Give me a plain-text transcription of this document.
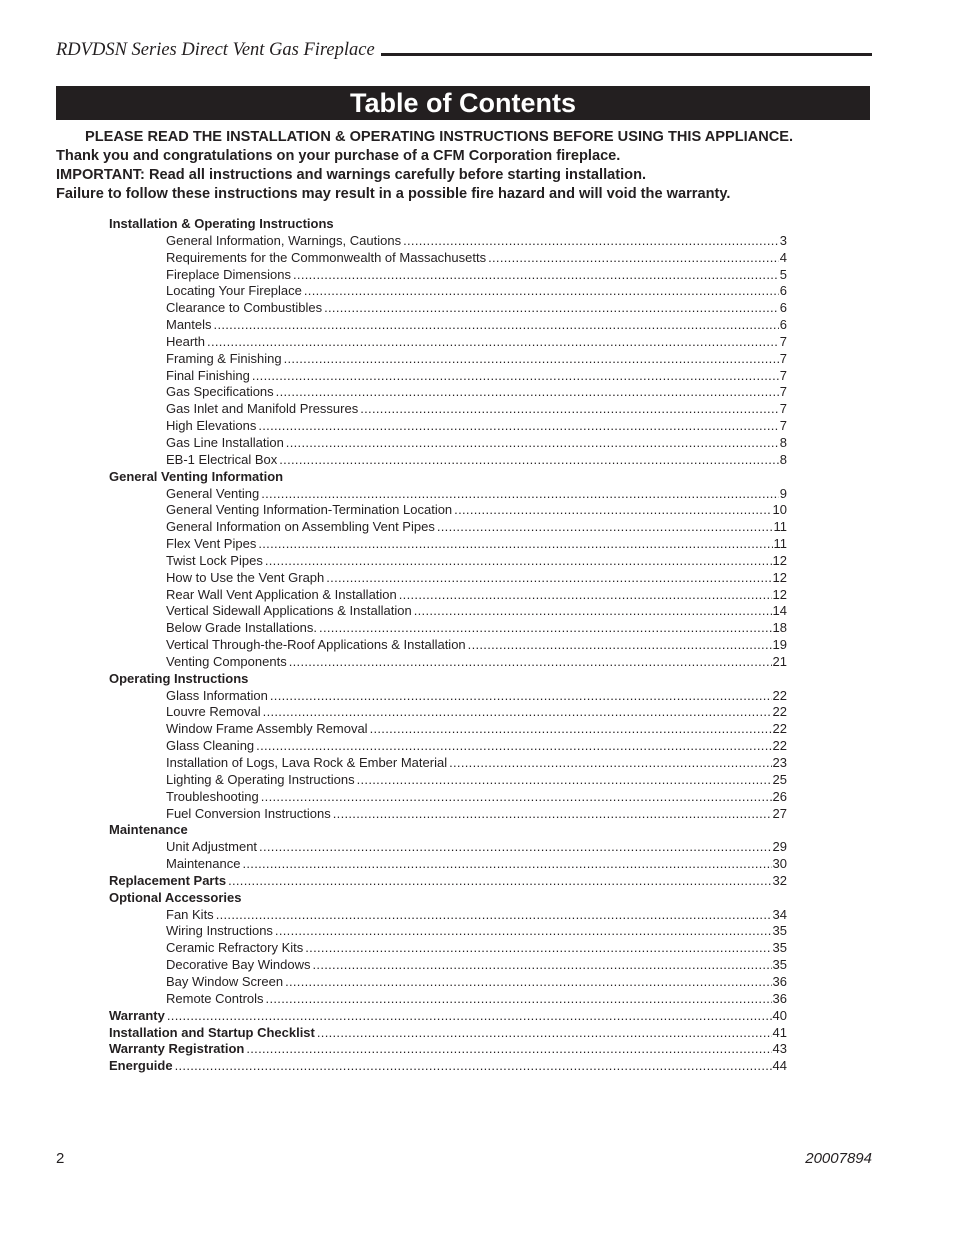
RDVDSN Series Direct Vent Gas Fireplace
Table of Contents
PLEASE READ THE INSTALLATION & OPERATING INSTRUCTIONS BEFORE USING THIS APPLIANCE.
Thank you and congratulations on your purchase of a CFM Corporation fireplace.
IMPORTANT: Read all instructions and warnings carefully before starting installation.
Failure to follow these instructions may result in a possible fire hazard and will void the warranty.
Installation & Operating Instructions
General Information, Warnings, Cautions .....	3
Requirements for the Commonwealth of Massachusetts .....	4
Fireplace Dimensions .....	5
Locating Your Fireplace .....	6
Clearance to Combustibles .....	6
Mantels .....	6
Hearth .....	7
Framing & Finishing .....	7
Final Finishing .....	7
Gas Specifications .....	7
Gas Inlet and Manifold Pressures .....	7
High Elevations .....	7
Gas Line Installation .....	8
EB-1 Electrical Box .....	8
General Venting Information
General Venting .....	9
General Venting Information-Termination Location .....	10
General Information on Assembling Vent Pipes .....	11
Flex Vent Pipes .....	11
Twist Lock Pipes .....	12
How to Use the Vent Graph .....	12
Rear Wall Vent Application & Installation .....	12
Vertical Sidewall Applications & Installation .....	14
Below Grade Installations. .....	18
Vertical Through-the-Roof Applications & Installation .....	19
Venting Components .....	21
Operating Instructions
Glass Information .....	22
Louvre Removal .....	22
Window Frame Assembly Removal .....	22
Glass Cleaning .....	22
Installation of Logs, Lava Rock & Ember Material .....	23
Lighting & Operating Instructions .....	25
Troubleshooting .....	26
Fuel Conversion Instructions .....	27
Maintenance
Unit Adjustment .....	29
Maintenance .....	30
Replacement Parts .....	32
Optional Accessories
Fan Kits .....	34
Wiring Instructions .....	35
Ceramic Refractory Kits .....	35
Decorative Bay Windows .....	35
Bay Window Screen .....	36
Remote Controls .....	36
Warranty .....	40
Installation and Startup Checklist .....	41
Warranty Registration .....	43
Energuide .....	44
2	20007894
